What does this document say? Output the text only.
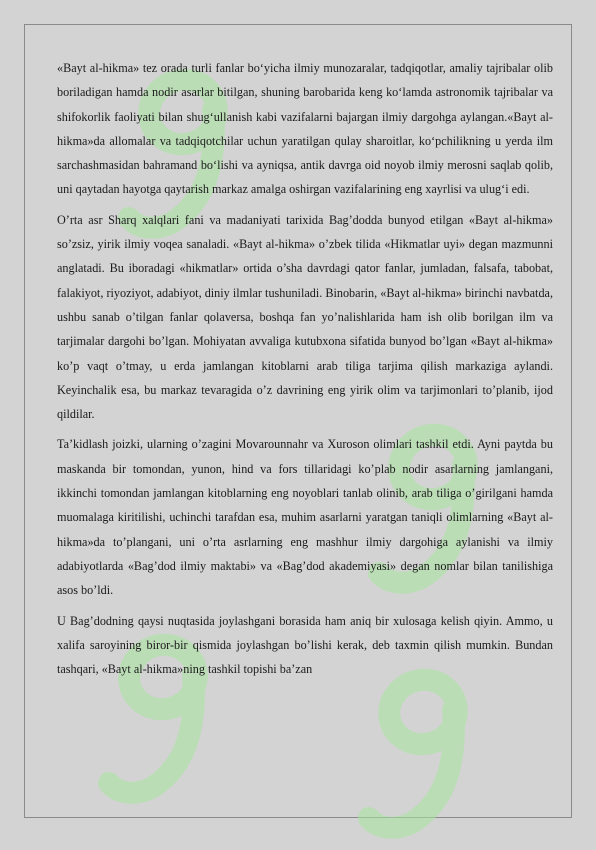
«Bayt al-hikma» tez orada turli fanlar bo‘yicha ilmiy munozaralar, tadqiqotlar, amaliy tajribalar olib boriladigan hamda nodir asarlar bitilgan, shuning barobarida keng ko‘lamda astronomik tajribalar va shifokorlik faoliyati bilan shug‘ullanish kabi vazifalarni bajargan ilmiy dargohga aylangan.«Bayt al-hikma»da allomalar va tadqiqotchilar uchun yaratilgan qulay sharoitlar, ko‘pchilikning u yerda ilm sarchashmasidan bahramand bo‘lishi va ayniqsa, antik davrga oid noyob ilmiy merosni saqlab qolib, uni qaytadan hayotga qaytarish markaz amalga oshirgan vazifalarining eng xayrlisi va ulug‘i edi.

O’rta asr Sharq xalqlari fani va madaniyati tarixida Bag’dodda bunyod etilgan «Bayt al-hikma» so’zsiz, yirik ilmiy voqea sanaladi. «Bayt al-hikma» o’zbek tilida «Hikmatlar uyi» degan mazmunni anglatadi. Bu iboradagi «hikmatlar» ortida o’sha davrdagi qator fanlar, jumladan, falsafa, tabobat, falakiyot, riyoziyot, adabiyot, diniy ilmlar tushuniladi. Binobarin, «Bayt al-hikma» birinchi navbatda, ushbu sanab o’tilgan fanlar qolaversa, boshqa fan yo’nalishlarida ham ish olib borilgan ilm va tarjimalar dargohi bo’lgan. Mohiyatan avvaliga kutubxona sifatida bunyod bo’lgan «Bayt al-hikma» ko’p vaqt o’tmay, u erda jamlangan kitoblarni arab tiliga tarjima qilish markaziga aylandi. Keyinchalik esa, bu markaz tevaragida o’z davrining eng yirik olim va tarjimonlari to’planib, ijod qildilar.

Ta’kidlash joizki, ularning o’zagini Movarounnahr va Xuroson olimlari tashkil etdi. Ayni paytda bu maskanda bir tomondan, yunon, hind va fors tillaridagi ko’plab nodir asarlarning jamlangani, ikkinchi tomondan jamlangan kitoblarning eng noyoblari tanlab olinib, arab tiliga o’girilgani hamda muomalaga kiritilishi, uchinchi tarafdan esa, muhim asarlarni yaratgan taniqli olimlarning «Bayt al-hikma»da to’plangani, uni o’rta asrlarning eng mashhur ilmiy dargohiga aylanishi va ilmiy adabiyotlarda «Bag’dod ilmiy maktabi» va «Bag’dod akademiyasi» degan nomlar bilan tanilishiga asos bo’ldi.

U Bag’dodning qaysi nuqtasida joylashgani borasida ham aniq bir xulosaga kelish qiyin. Ammo, u xalifa saroyining biror-bir qismida joylashgan bo’lishi kerak, deb taxmin qilish mumkin. Bundan tashqari, «Bayt al-hikma»ning tashkil topishi ba’zan
